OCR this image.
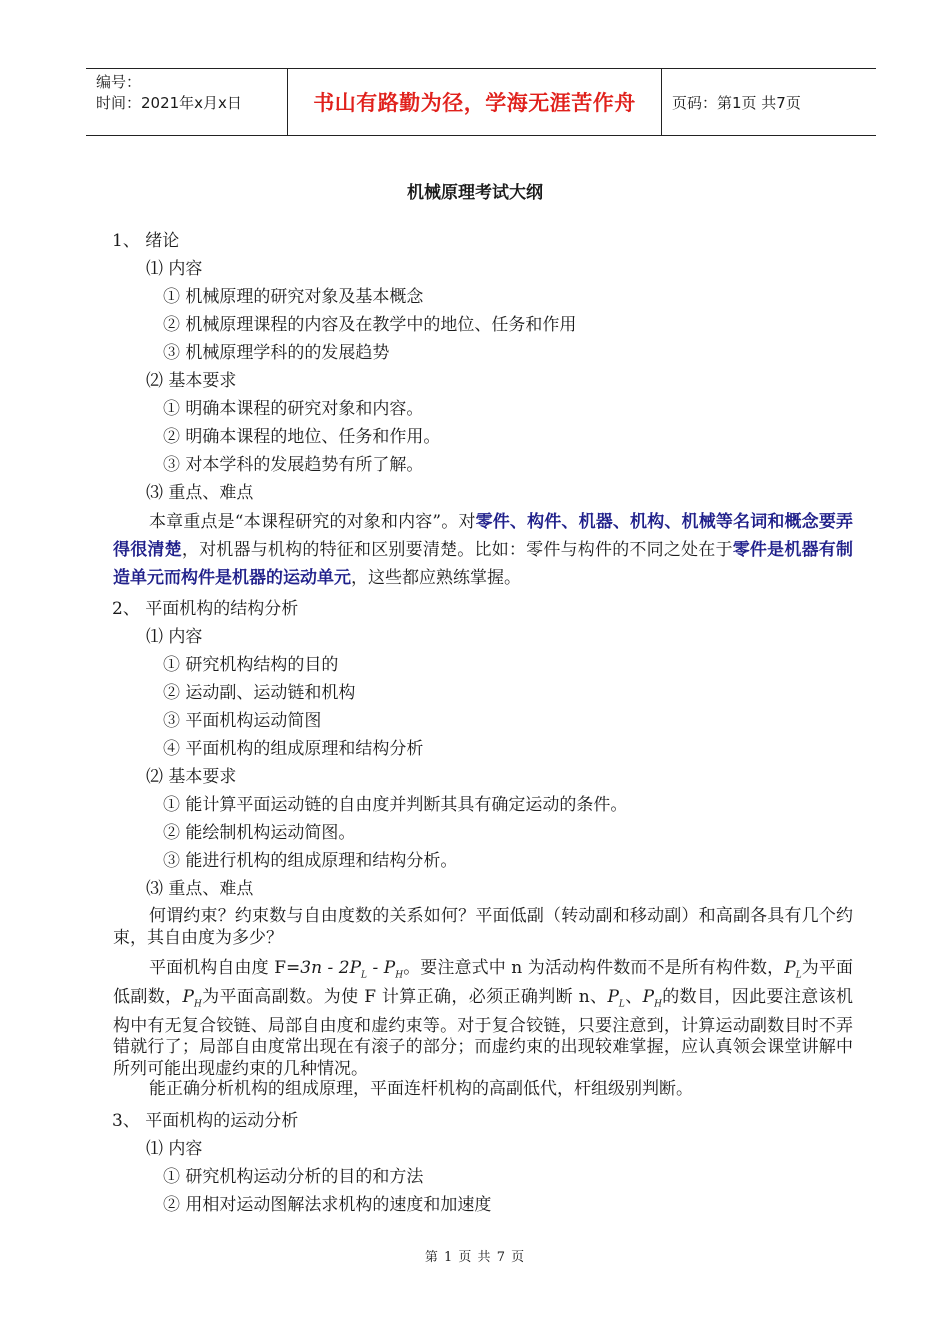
编号：
时间：2021年x月x日	书山有路勤为径，学海无涯苦作舟	页码：第1页 共7页
机械原理考试大纲
1、 绪论
⑴ 内容
① 机械原理的研究对象及基本概念
② 机械原理课程的内容及在教学中的地位、任务和作用
③ 机械原理学科的的发展趋势
⑵ 基本要求
① 明确本课程的研究对象和内容。
② 明确本课程的地位、任务和作用。
③ 对本学科的发展趋势有所了解。
⑶ 重点、难点
本章重点是“本课程研究的对象和内容”。对零件、构件、机器、机构、机械等名词和概念要弄得很清楚，对机器与机构的特征和区别要清楚。比如：零件与构件的不同之处在于零件是机器有制造单元而构件是机器的运动单元，这些都应熟练掌握。
2、 平面机构的结构分析
⑴ 内容
① 研究机构结构的目的
② 运动副、运动链和机构
③ 平面机构运动简图
④ 平面机构的组成原理和结构分析
⑵ 基本要求
① 能计算平面运动链的自由度并判断其具有确定运动的条件。
② 能绘制机构运动简图。
③ 能进行机构的组成原理和结构分析。
⑶ 重点、难点
何谓约束？约束数与自由度数的关系如何？平面低副（转动副和移动副）和高副各具有几个约束，其自由度为多少？
平面机构自由度 $F=3n - 2P_L - P_H$。要注意式中 n 为活动构件数而不是所有构件数，$P_L$为平面低副数，$P_H$为平面高副数。为使 F 计算正确，必须正确判断 n、$P_L$、$P_H$的数目，因此要注意该机构中有无复合铰链、局部自由度和虚约束等。对于复合铰链，只要注意到，计算运动副数目时不弄错就行了；局部自由度常出现在有滚子的部分；而虚约束的出现较难掌握，应认真领会课堂讲解中所列可能出现虚约束的几种情况。
能正确分析机构的组成原理，平面连杆机构的高副低代，杆组级别判断。
3、 平面机构的运动分析
⑴ 内容
① 研究机构运动分析的目的和方法
② 用相对运动图解法求机构的速度和加速度
第 1 页 共 7 页
